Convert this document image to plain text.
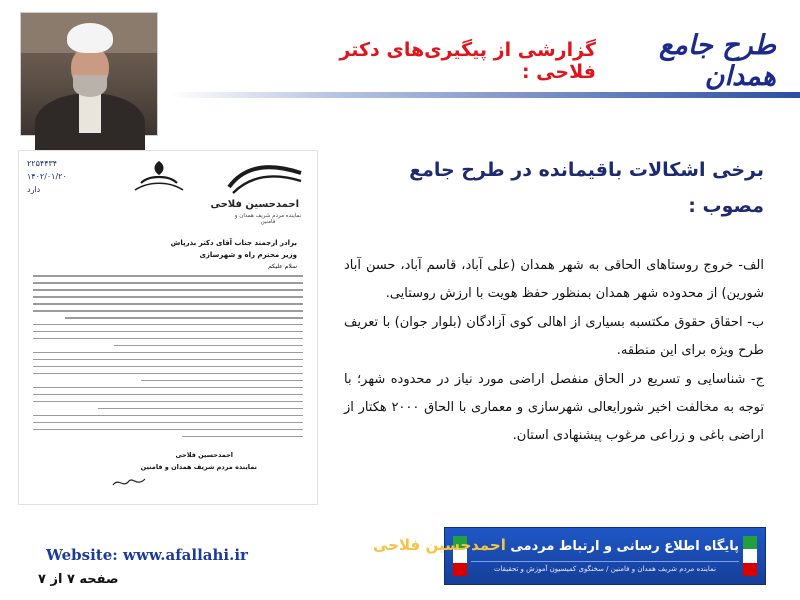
گزارشی از پیگیری‌های دکتر فلاحی :
طرح جامع همدان
۲۲۵۴۴۳۴
۱۴۰۲/۰۱/۲۰
دارد
احمدحسین فلاحی
نماینده مردم شریف همدان و فامنین
برادر ارجمند جناب آقای دکتر بذرپاش
وزیر محترم راه و شهرسازی
سلام علیکم
احمدحسین فلاحی
نماینده مردم شریف همدان و فامنین
برخی اشکالات باقیمانده در طرح جامع مصوب :

الف- خروج روستاهای الحاقی به شهر همدان (علی آباد، قاسم آباد، حسن آباد شورین) از محدوده شهر همدان بمنظور حفظ هویت با ارزش روستایی.

ب- احقاق حقوق مکتسبه بسیاری از اهالی کوی آزادگان (بلوار جوان) با تعریف طرح ویژه برای این منطقه.

ج- شناسایی و تسریع در الحاق منفصل اراضی مورد نیاز در محدوده شهر؛ با توجه به مخالفت اخیر شورایعالی شهرسازی و معماری با الحاق ۲۰۰۰ هکتار از اراضی باغی و زراعی مرغوب پیشنهادی استان.

Website: www.afallahi.ir
صفحه ۷ از ۷
پایگاه اطلاع رسانی و ارتباط مردمی احمدحسین فلاحی
نماینده مردم شریف همدان و فامنین / سخنگوی کمیسیون آموزش و تحقیقات
